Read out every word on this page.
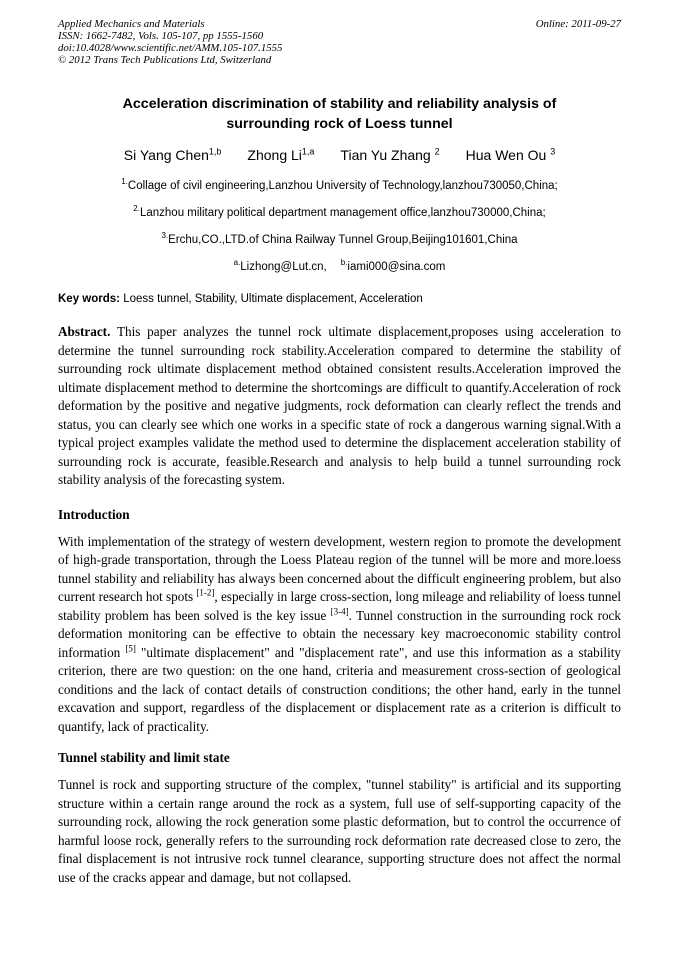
Applied Mechanics and Materials
ISSN: 1662-7482, Vols. 105-107, pp 1555-1560
doi:10.4028/www.scientific.net/AMM.105-107.1555
© 2012 Trans Tech Publications Ltd, Switzerland
Online: 2011-09-27
Acceleration discrimination of stability and reliability analysis of
surrounding rock of Loess tunnel
Si Yang Chen$^{1,b}$ Zhong Li$^{1,a}$ Tian Yu Zhang $^2$ Hua Wen Ou $^3$
$^{1.}$Collage of civil engineering,Lanzhou University of Technology,lanzhou730050,China;
$^{2.}$Lanzhou military political department management office,lanzhou730000,China;
$^{3.}$Erchu,CO.,LTD.of China Railway Tunnel Group,Beijing101601,China
$^{a.}$Lizhong@Lut.cn, $^{b.}$iami000@sina.com

Key words: Loess tunnel, Stability, Ultimate displacement, Acceleration

Abstract. This paper analyzes the tunnel rock ultimate displacement,proposes using acceleration to determine the tunnel surrounding rock stability.Acceleration compared to determine the stability of surrounding rock ultimate displacement method obtained consistent results.Acceleration improved the ultimate displacement method to determine the shortcomings are difficult to quantify.Acceleration of rock deformation by the positive and negative judgments, rock deformation can clearly reflect the trends and status, you can clearly see which one works in a specific state of rock a dangerous warning signal.With a typical project examples validate the method used to determine the displacement acceleration stability of surrounding rock is accurate, feasible.Research and analysis to help build a tunnel surrounding rock stability analysis of the forecasting system.

Introduction

With implementation of the strategy of western development, western region to promote the development of high-grade transportation, through the Loess Plateau region of the tunnel will be more and more.loess tunnel stability and reliability has always been concerned about the difficult engineering problem, but also current research hot spots [1-2], especially in large cross-section, long mileage and reliability of loess tunnel stability problem has been solved is the key issue [3-4]. Tunnel construction in the surrounding rock rock deformation monitoring can be effective to obtain the necessary key macroeconomic stability control information [5] "ultimate displacement" and "displacement rate", and use this information as a stability criterion, there are two question: on the one hand, criteria and measurement cross-section of geological conditions and the lack of contact details of construction conditions; the other hand, early in the tunnel excavation and support, regardless of the displacement or displacement rate as a criterion is difficult to quantify, lack of practicality.

Tunnel stability and limit state

Tunnel is rock and supporting structure of the complex, "tunnel stability" is artificial and its supporting structure within a certain range around the rock as a system, full use of self-supporting capacity of the surrounding rock, allowing the rock generation some plastic deformation, but to control the occurrence of harmful loose rock, generally refers to the surrounding rock deformation rate decreased close to zero, the final displacement is not intrusive rock tunnel clearance, supporting structure does not affect the normal use of the cracks appear and damage, but not collapsed.
